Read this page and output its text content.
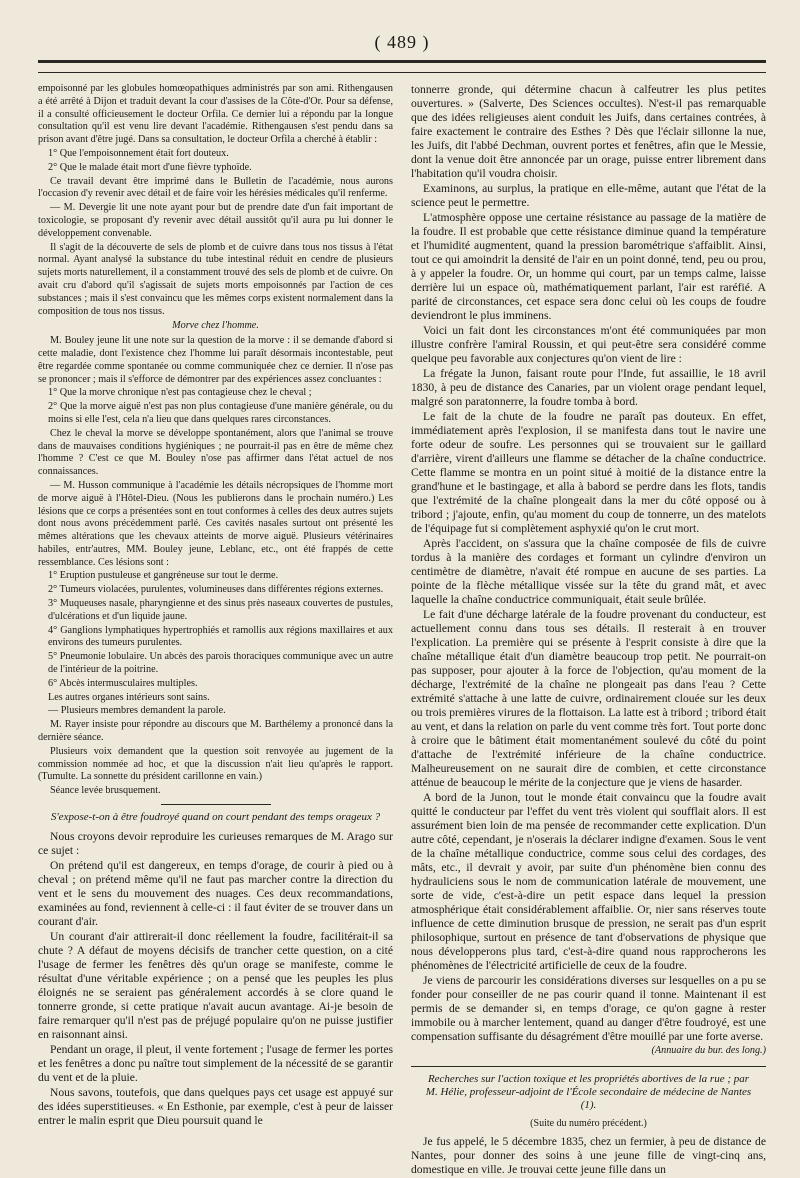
( 489 )

empoisonné par les globules homœopathiques administrés par son ami. Rithengausen a été arrêté à Dijon et traduit devant la cour d'assises de la Côte-d'Or. Pour sa défense, il a consulté officieusement le docteur Orfila. Ce dernier lui a répondu par la longue consultation qu'il est venu lire devant l'académie. Rithengausen s'est pendu dans sa prison avant d'être jugé. Dans sa consultation, le docteur Orfila a cherché à établir :

1° Que l'empoisonnement était fort douteux.

2° Que le malade était mort d'une fièvre typhoïde.

Ce travail devant être imprimé dans le Bulletin de l'académie, nous aurons l'occasion d'y revenir avec détail et de faire voir les hérésies médicales qu'il renferme.

— M. Devergie lit une note ayant pour but de prendre date d'un fait important de toxicologie, se proposant d'y revenir avec détail aussitôt qu'il aura pu lui donner le développement convenable.

Il s'agit de la découverte de sels de plomb et de cuivre dans tous nos tissus à l'état normal. Ayant analysé la substance du tube intestinal réduit en cendre de plusieurs sujets morts naturellement, il a constamment trouvé des sels de plomb et de cuivre. On avait cru d'abord qu'il s'agissait de sujets morts empoisonnés par l'action de ces substances ; mais il s'est convaincu que les mêmes corps existent normalement dans la composition de tous nos tissus.

Morve chez l'homme.

M. Bouley jeune lit une note sur la question de la morve : il se demande d'abord si cette maladie, dont l'existence chez l'homme lui paraît désormais incontestable, peut être regardée comme spontanée ou comme communiquée chez ce dernier. Il n'ose pas se prononcer ; mais il s'efforce de démontrer par des expériences assez concluantes :

1° Que la morve chronique n'est pas contagieuse chez le cheval ;

2° Que la morve aiguë n'est pas non plus contagieuse d'une manière générale, ou du moins si elle l'est, cela n'a lieu que dans quelques rares circonstances.

Chez le cheval la morve se développe spontanément, alors que l'animal se trouve dans de mauvaises conditions hygiéniques ; ne pourrait-il pas en être de même chez l'homme ? C'est ce que M. Bouley n'ose pas affirmer dans l'état actuel de nos connaissances.

— M. Husson communique à l'académie les détails nécropsiques de l'homme mort de morve aiguë à l'Hôtel-Dieu. (Nous les publierons dans le prochain numéro.) Les lésions que ce corps a présentées sont en tout conformes à celles des deux autres sujets dont nous avons précédemment parlé. Ces cavités nasales surtout ont présenté les mêmes altérations que les chevaux atteints de morve aiguë. Plusieurs vétérinaires habiles, entr'autres, MM. Bouley jeune, Leblanc, etc., ont été frappés de cette ressemblance. Ces lésions sont :

1° Eruption pustuleuse et gangréneuse sur tout le derme.

2° Tumeurs violacées, purulentes, volumineuses dans différentes régions externes.

3° Muqueuses nasale, pharyngienne et des sinus près naseaux couvertes de pustules, d'ulcérations et d'un liquide jaune.

4° Ganglions lymphatiques hypertrophiés et ramollis aux régions maxillaires et aux environs des tumeurs purulentes.

5° Pneumonie lobulaire. Un abcès des parois thoraciques communique avec un autre de l'intérieur de la poitrine.

6° Abcès intermusculaires multiples.

Les autres organes intérieurs sont sains.

— Plusieurs membres demandent la parole.

M. Rayer insiste pour répondre au discours que M. Barthélemy a prononcé dans la dernière séance.

Plusieurs voix demandent que la question soit renvoyée au jugement de la commission nommée ad hoc, et que la discussion n'ait lieu qu'après le rapport. (Tumulte. La sonnette du président carillonne en vain.)

Séance levée brusquement.

S'expose-t-on à être foudroyé quand on court pendant des temps orageux ?

Nous croyons devoir reproduire les curieuses remarques de M. Arago sur ce sujet :

On prétend qu'il est dangereux, en temps d'orage, de courir à pied ou à cheval ; on prétend même qu'il ne faut pas marcher contre la direction du vent et le sens du mouvement des nuages. Ces deux recommandations, examinées au fond, reviennent à celle-ci : il faut éviter de se trouver dans un courant d'air.

Un courant d'air attirerait-il donc réellement la foudre, facilitérait-il sa chute ? A défaut de moyens décisifs de trancher cette question, on a cité l'usage de fermer les fenêtres dès qu'un orage se manifeste, comme le résultat d'une véritable expérience ; on a pensé que les peuples les plus éloignés ne se seraient pas généralement accordés à se clore quand le tonnerre gronde, si cette pratique n'avait aucun avantage. Ai-je besoin de faire remarquer qu'il n'est pas de préjugé populaire qu'on ne puisse justifier en raisonnant ainsi.

Pendant un orage, il pleut, il vente fortement ; l'usage de fermer les portes et les fenêtres a donc pu naître tout simplement de la nécessité de se garantir du vent et de la pluie.

Nous savons, toutefois, que dans quelques pays cet usage est appuyé sur des idées superstitieuses. « En Esthonie, par exemple, c'est à peur de laisser entrer le malin esprit que Dieu poursuit quand le

tonnerre gronde, qui détermine chacun à calfeutrer les plus petites ouvertures. » (Salverte, Des Sciences occultes). N'est-il pas remarquable que des idées religieuses aient conduit les Juifs, dans certaines contrées, à faire exactement le contraire des Esthes ? Dès que l'éclair sillonne la nue, les Juifs, dit l'abbé Dechman, ouvrent portes et fenêtres, afin que le Messie, dont la venue doit être annoncée par un orage, puisse entrer librement dans l'habitation qu'il voudra choisir.

Examinons, au surplus, la pratique en elle-même, autant que l'état de la science peut le permettre.

L'atmosphère oppose une certaine résistance au passage de la matière de la foudre. Il est probable que cette résistance diminue quand la température et l'humidité augmentent, quand la pression barométrique s'affaiblit. Ainsi, tout ce qui amoindrit la densité de l'air en un point donné, tend, peu ou prou, à y appeler la foudre. Or, un homme qui court, par un temps calme, laisse derrière lui un espace où, mathématiquement parlant, l'air est raréfié. A parité de circonstances, cet espace sera donc celui où les coups de foudre deviendront le plus imminens.

Voici un fait dont les circonstances m'ont été communiquées par mon illustre confrère l'amiral Roussin, et qui peut-être sera considéré comme quelque peu favorable aux conjectures qu'on vient de lire :

La frégate la Junon, faisant route pour l'Inde, fut assaillie, le 18 avril 1830, à peu de distance des Canaries, par un violent orage pendant lequel, malgré son paratonnerre, la foudre tomba à bord.

Le fait de la chute de la foudre ne paraît pas douteux. En effet, immédiatement après l'explosion, il se manifesta dans tout le navire une forte odeur de soufre. Les personnes qui se trouvaient sur le gaillard d'arrière, virent d'ailleurs une flamme se détacher de la chaîne conductrice. Cette flamme se montra en un point situé à moitié de la distance entre la grand'hune et le bastingage, et alla à babord se perdre dans les flots, tandis que l'extrémité de la chaîne plongeait dans la mer du côté opposé ou à tribord ; j'ajoute, enfin, qu'au moment du coup de tonnerre, un des matelots de l'équipage fut si complètement asphyxié qu'on le crut mort.

Après l'accident, on s'assura que la chaîne composée de fils de cuivre tordus à la manière des cordages et formant un cylindre d'environ un centimètre de diamètre, n'avait été rompue en aucune de ses parties. La pointe de la flèche métallique vissée sur la tête du grand mât, et avec laquelle la chaîne conductrice communiquait, était seule brûlée.

Le fait d'une décharge latérale de la foudre provenant du conducteur, est actuellement connu dans tous ses détails. Il resterait à en trouver l'explication. La première qui se présente à l'esprit consiste à dire que la chaîne métallique était d'un diamètre beaucoup trop petit. Ne pourrait-on pas supposer, pour ajouter à la force de l'objection, qu'au moment de la décharge, l'extrémité de la chaîne ne plongeait pas dans l'eau ? Cette extrémité s'attache à une latte de cuivre, ordinairement clouée sur les deux ou trois premières virures de la flottaison. La latte est à tribord ; tribord était au vent, et dans la relation on parle du vent comme très fort. Tout porte donc à croire que le bâtiment était momentanément soulevé du côté du point d'attache de l'extrémité inférieure de la chaîne conductrice. Malheureusement on ne saurait dire de combien, et cette circonstance atténue de beaucoup le mérite de la conjecture que je viens de hasarder.

A bord de la Junon, tout le monde était convaincu que la foudre avait quitté le conducteur par l'effet du vent très violent qui soufflait alors. Il est assurément bien loin de ma pensée de recommander cette explication. D'un autre côté, cependant, je n'oserais la déclarer indigne d'examen. Sous le vent de la chaîne métallique conductrice, comme sous celui des cordages, des mâts, etc., il devrait y avoir, par suite d'un phénomène bien connu des hydrauliciens sous le nom de communication latérale de mouvement, une sorte de vide, c'est-à-dire un petit espace dans lequel la pression atmosphérique était considérablement affaiblie. Or, nier sans réserves toute influence de cette diminution brusque de pression, ne serait pas d'un esprit philosophique, surtout en présence de tant d'observations de physique que nous développerons plus tard, c'est-à-dire quand nous rapprocherons les phénomènes de l'électricité artificielle de ceux de la foudre.

Je viens de parcourir les considérations diverses sur lesquelles on a pu se fonder pour conseiller de ne pas courir quand il tonne. Maintenant il est permis de se demander si, en temps d'orage, ce qu'on gagne à rester immobile ou à marcher lentement, quand au danger d'être foudroyé, est une compensation suffisante du désagrément d'être mouillé par une forte averse.

(Annuaire du bur. des long.)
Recherches sur l'action toxique et les propriétés abortives de la rue ; par M. Hélie, professeur-adjoint de l'École secondaire de médecine de Nantes (1).
(Suite du numéro précédent.)

Je fus appelé, le 5 décembre 1835, chez un fermier, à peu de distance de Nantes, pour donner des soins à une jeune fille de vingt-cinq ans, domestique en ville. Je trouvai cette jeune fille dans un
